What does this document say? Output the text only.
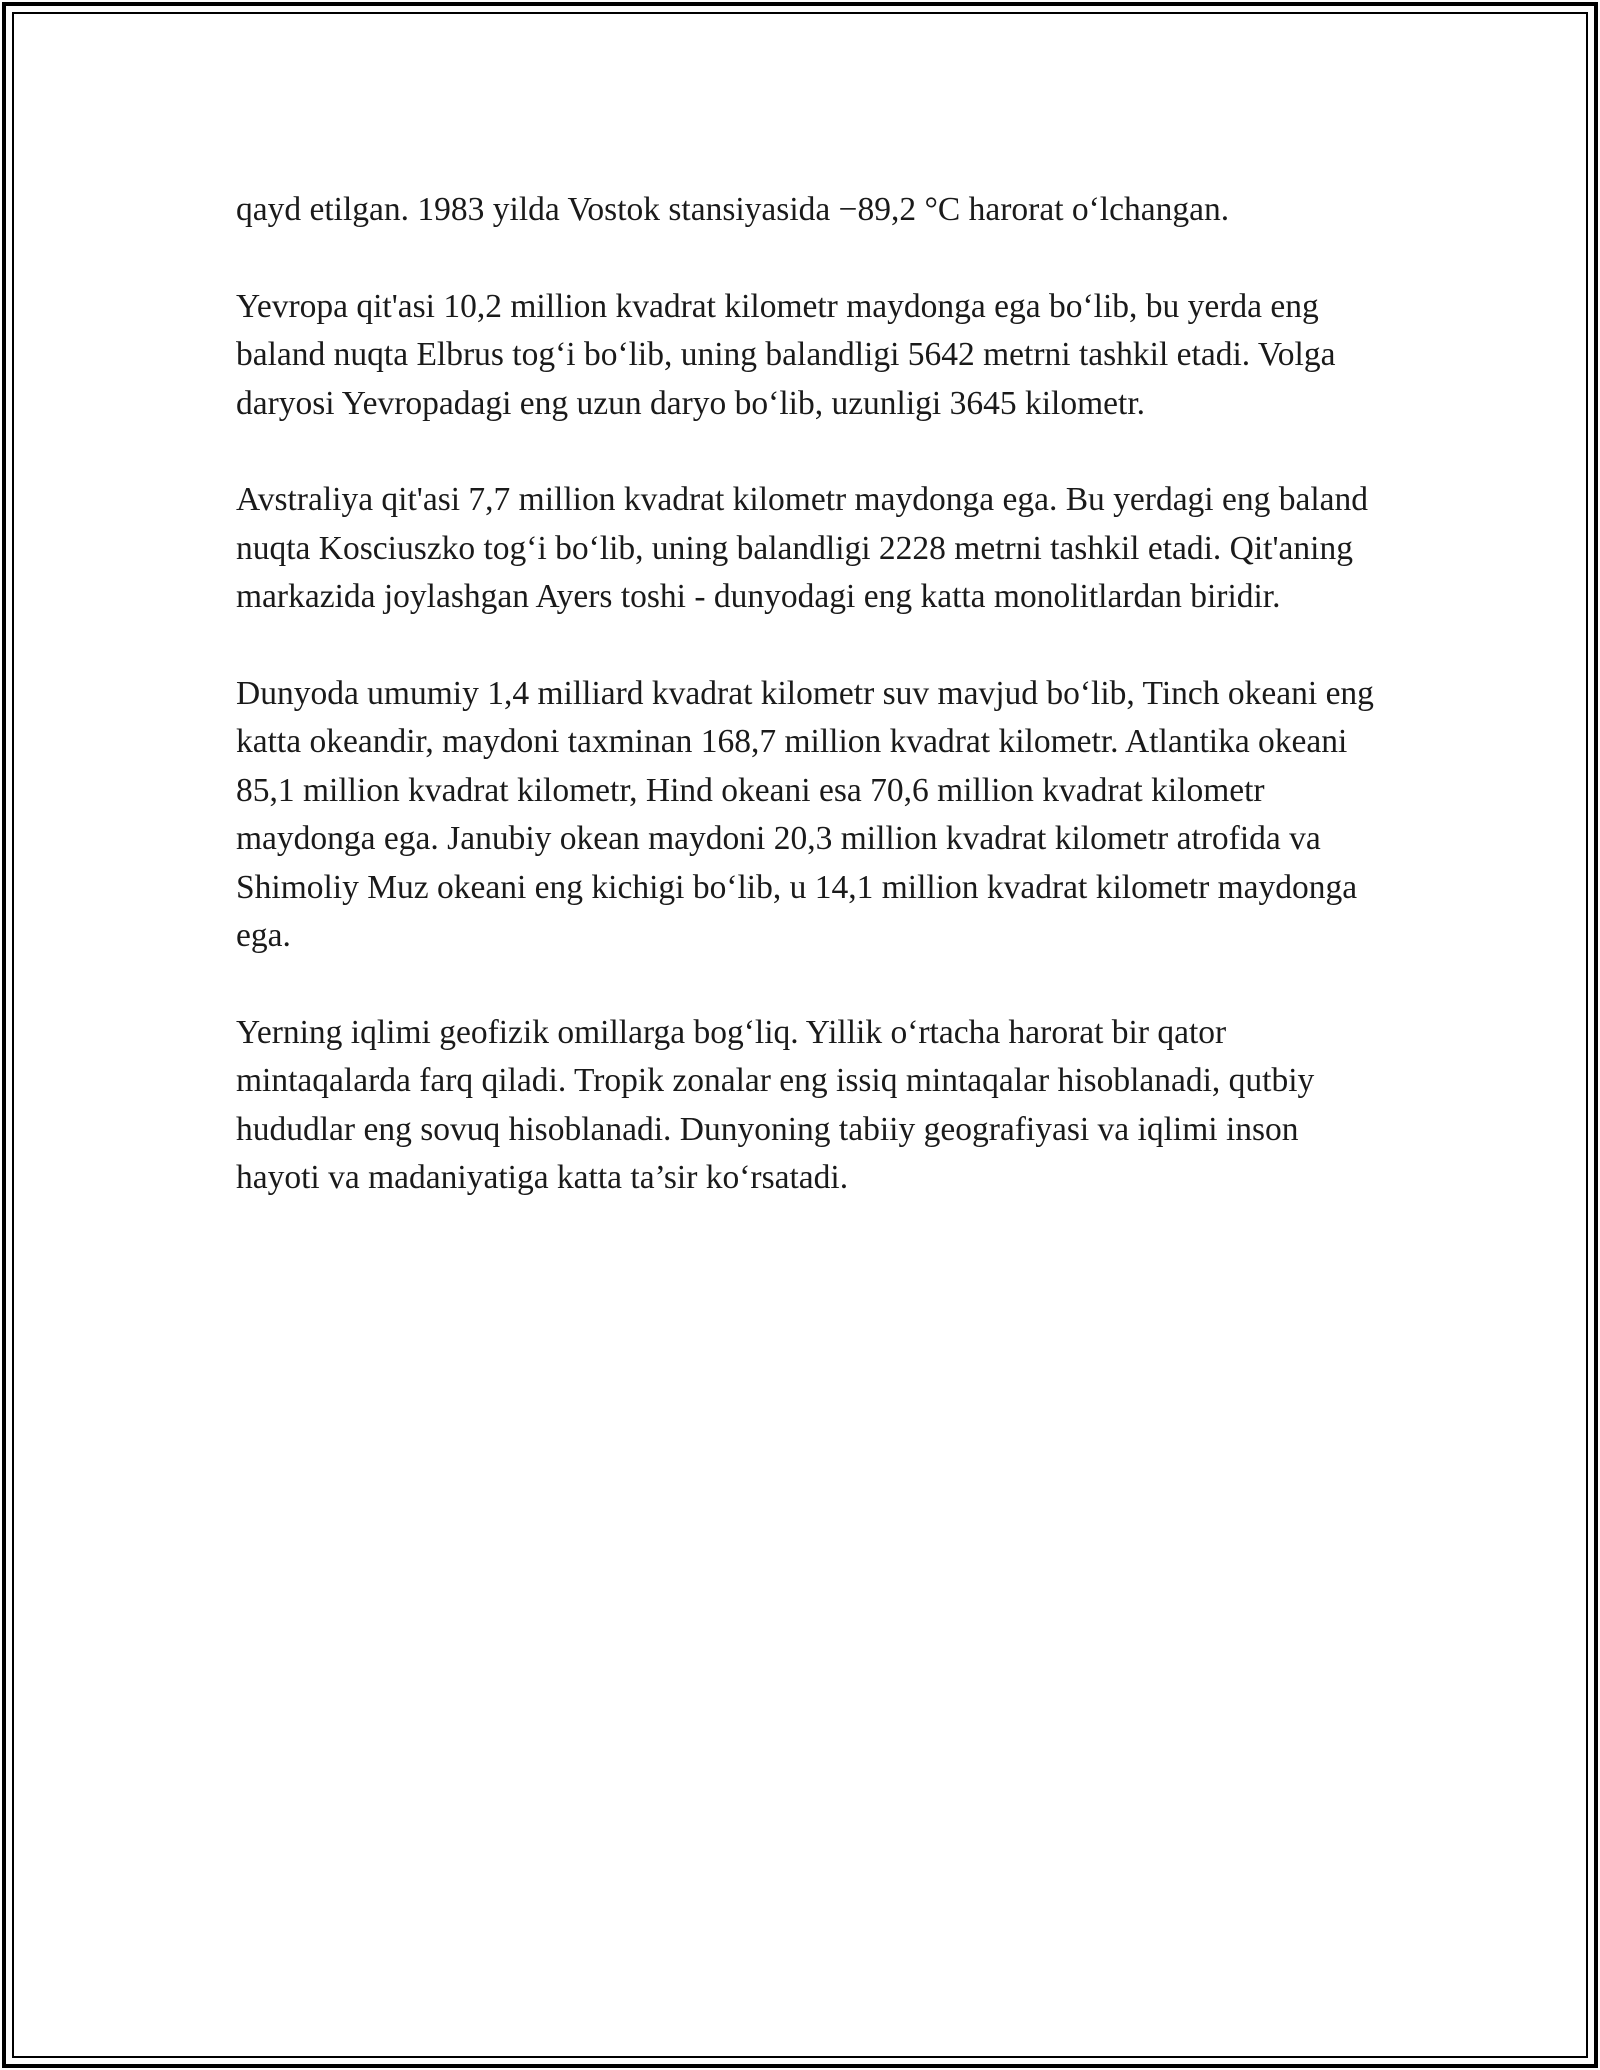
qayd etilgan. 1983 yilda Vostok stansiyasida −89,2 °C harorat oʻlchangan.

Yevropa qit'asi 10,2 million kvadrat kilometr maydonga ega boʻlib, bu yerda eng baland nuqta Elbrus togʻi boʻlib, uning balandligi 5642 metrni tashkil etadi. Volga daryosi Yevropadagi eng uzun daryo boʻlib, uzunligi 3645 kilometr.

Avstraliya qit'asi 7,7 million kvadrat kilometr maydonga ega. Bu yerdagi eng baland nuqta Kosciuszko togʻi boʻlib, uning balandligi 2228 metrni tashkil etadi. Qit'aning markazida joylashgan Ayers toshi - dunyodagi eng katta monolitlardan biridir.

Dunyoda umumiy 1,4 milliard kvadrat kilometr suv mavjud boʻlib, Tinch okeani eng katta okeandir, maydoni taxminan 168,7 million kvadrat kilometr. Atlantika okeani 85,1 million kvadrat kilometr, Hind okeani esa 70,6 million kvadrat kilometr maydonga ega. Janubiy okean maydoni 20,3 million kvadrat kilometr atrofida va Shimoliy Muz okeani eng kichigi boʻlib, u 14,1 million kvadrat kilometr maydonga ega.

Yerning iqlimi geofizik omillarga bogʻliq. Yillik oʻrtacha harorat bir qator mintaqalarda farq qiladi. Tropik zonalar eng issiq mintaqalar hisoblanadi, qutbiy hududlar eng sovuq hisoblanadi. Dunyoning tabiiy geografiyasi va iqlimi inson hayoti va madaniyatiga katta ta’sir koʻrsatadi.
